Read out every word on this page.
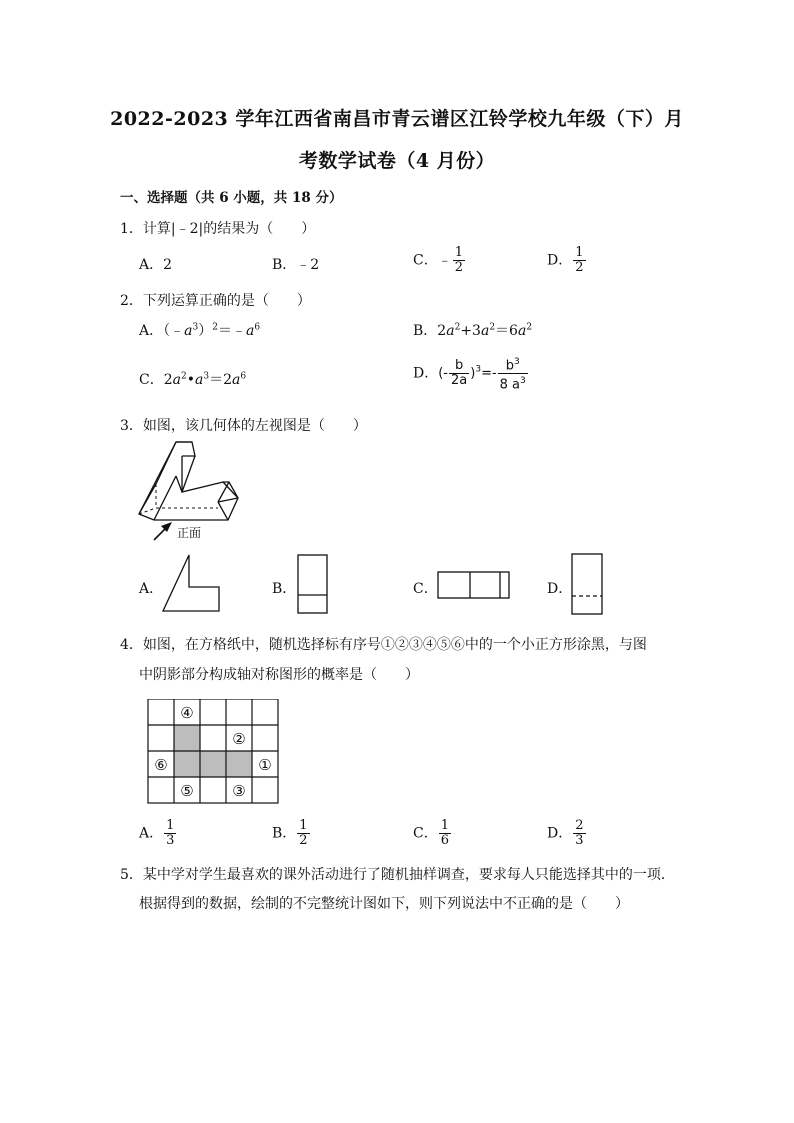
2022-2023 学年江西省南昌市青云谱区江铃学校九年级（下）月
考数学试卷（4 月份）
一、选择题（共 6 小题，共 18 分）
1．计算|﹣2|的结果为（　　）
A．2	B．﹣2	C．﹣ $\frac{1}{2}$	D． $\frac{1}{2}$
2．下列运算正确的是（　　）
A．$(﹣a^3)^2=﹣a^6$	B．$2a^2+3a^2=6a^2$
C．$2a^2•a^3=2a^6$	D．(- $\frac{b}{2a} )^3=- \frac{b^3}{8 a^3}$
3．如图，该几何体的左视图是（　　）
正面
A．	B．	C．	D．
4．如图，在方格纸中，随机选择标有序号①②③④⑤⑥中的一个小正方形涂黑，与图
中阴影部分构成轴对称图形的概率是（　　）
④
②
⑥	①
⑤	③
A． $\frac{1}{3}$	B． $\frac{1}{2}$	C． $\frac{1}{6}$	D． $\frac{2}{3}$
5．某中学对学生最喜欢的课外活动进行了随机抽样调查，要求每人只能选择其中的一项．
根据得到的数据，绘制的不完整统计图如下，则下列说法中不正确的是（　　）
